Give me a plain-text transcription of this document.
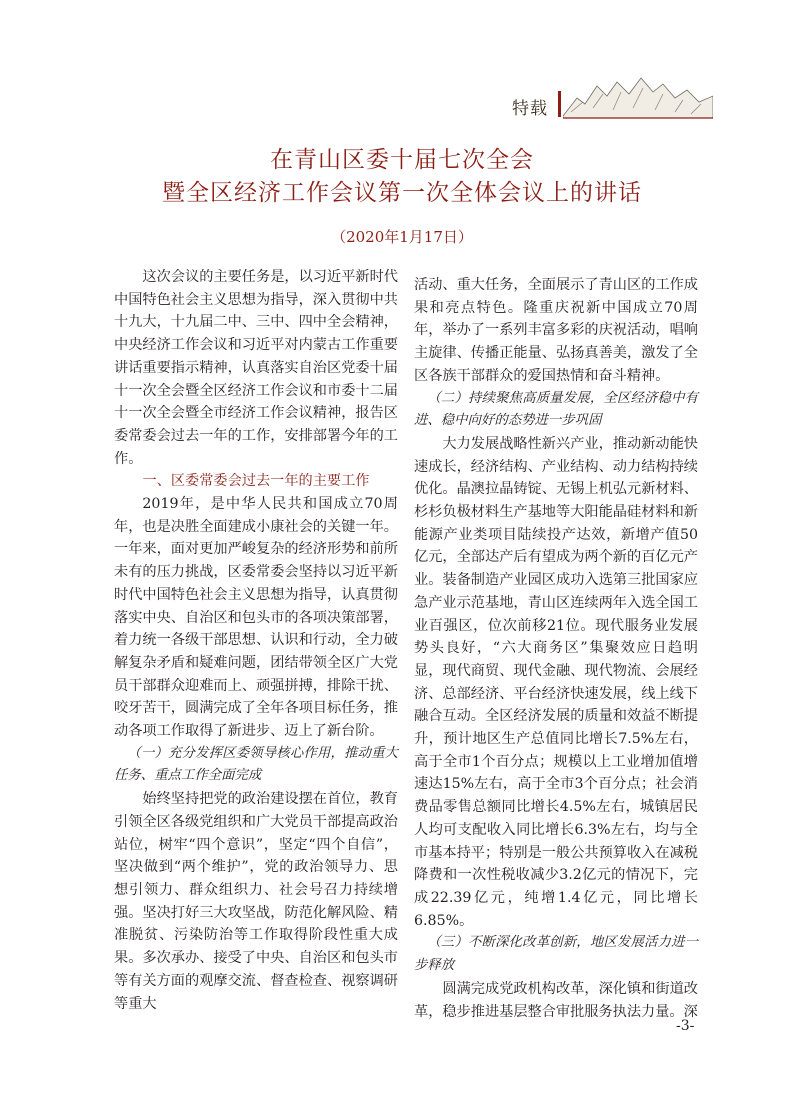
特载
在青山区委十届七次全会
暨全区经济工作会议第一次全体会议上的讲话
（2020年1月17日）

这次会议的主要任务是，以习近平新时代中国特色社会主义思想为指导，深入贯彻中共十九大，十九届二中、三中、四中全会精神，中央经济工作会议和习近平对内蒙古工作重要讲话重要指示精神，认真落实自治区党委十届十一次全会暨全区经济工作会议和市委十二届十一次全会暨全市经济工作会议精神，报告区委常委会过去一年的工作，安排部署今年的工作。

一、区委常委会过去一年的主要工作

2019年，是中华人民共和国成立70周年，也是决胜全面建成小康社会的关键一年。一年来，面对更加严峻复杂的经济形势和前所未有的压力挑战，区委常委会坚持以习近平新时代中国特色社会主义思想为指导，认真贯彻落实中央、自治区和包头市的各项决策部署，着力统一各级干部思想、认识和行动，全力破解复杂矛盾和疑难问题，团结带领全区广大党员干部群众迎难而上、顽强拼搏，排除干扰、咬牙苦干，圆满完成了全年各项目标任务，推动各项工作取得了新进步、迈上了新台阶。

（一）充分发挥区委领导核心作用，推动重大任务、重点工作全面完成

始终坚持把党的政治建设摆在首位，教育引领全区各级党组织和广大党员干部提高政治站位，树牢“四个意识”，坚定“四个自信”，坚决做到“两个维护”，党的政治领导力、思想引领力、群众组织力、社会号召力持续增强。坚决打好三大攻坚战，防范化解风险、精准脱贫、污染防治等工作取得阶段性重大成果。多次承办、接受了中央、自治区和包头市等有关方面的观摩交流、督查检查、视察调研等重大

活动、重大任务，全面展示了青山区的工作成果和亮点特色。隆重庆祝新中国成立70周年，举办了一系列丰富多彩的庆祝活动，唱响主旋律、传播正能量、弘扬真善美，激发了全区各族干部群众的爱国热情和奋斗精神。

（二）持续聚焦高质量发展，全区经济稳中有进、稳中向好的态势进一步巩固

大力发展战略性新兴产业，推动新动能快速成长，经济结构、产业结构、动力结构持续优化。晶澳拉晶铸锭、无锡上机弘元新材料、杉杉负极材料生产基地等大阳能晶硅材料和新能源产业类项目陆续投产达效，新增产值50亿元，全部达产后有望成为两个新的百亿元产业。装备制造产业园区成功入选第三批国家应急产业示范基地，青山区连续两年入选全国工业百强区，位次前移21位。现代服务业发展势头良好，“六大商务区”集聚效应日趋明显，现代商贸、现代金融、现代物流、会展经济、总部经济、平台经济快速发展，线上线下融合互动。全区经济发展的质量和效益不断提升，预计地区生产总值同比增长7.5%左右，高于全市1个百分点；规模以上工业增加值增速达15%左右，高于全市3个百分点；社会消费品零售总额同比增长4.5%左右，城镇居民人均可支配收入同比增长6.3%左右，均与全市基本持平；特别是一般公共预算收入在减税降费和一次性税收减少3.2亿元的情况下，完成22.39亿元，纯增1.4亿元，同比增长6.85%。

（三）不断深化改革创新，地区发展活力进一步释放

圆满完成党政机构改革，深化镇和街道改革，稳步推进基层整合审批服务执法力量。深

-3-
